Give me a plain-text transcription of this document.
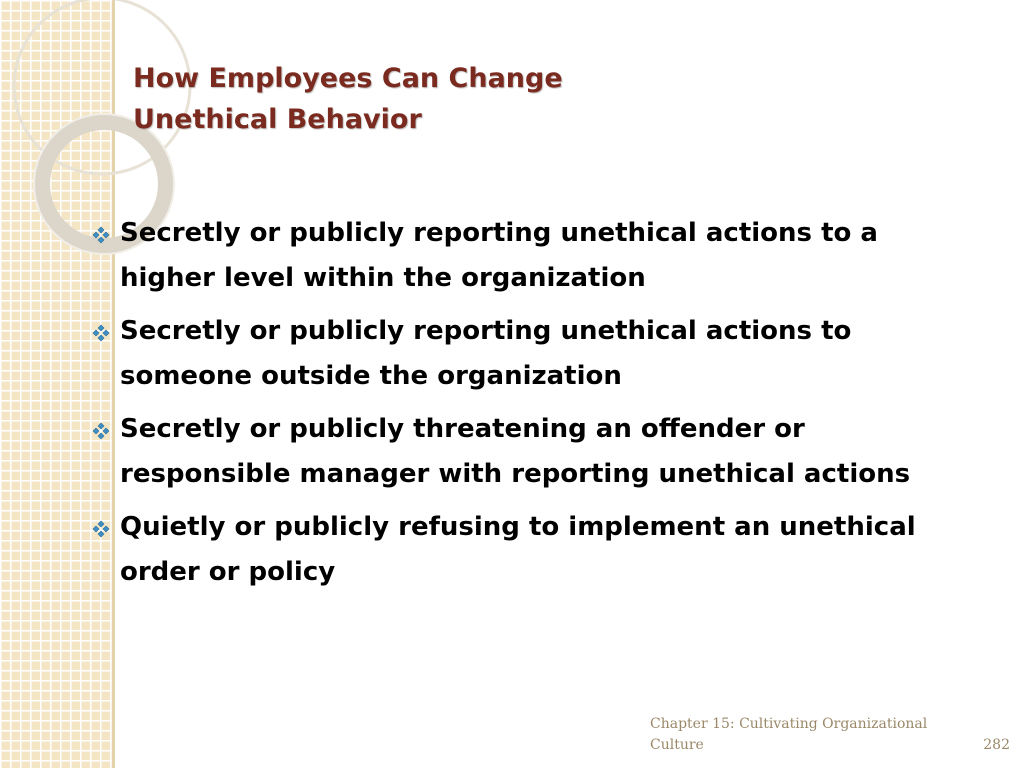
How Employees Can Change
Unethical Behavior
Secretly or publicly reporting unethical actions to a higher level within the organization
Secretly or publicly reporting unethical actions to someone outside the organization
Secretly or publicly threatening an offender or responsible manager with reporting unethical actions
Quietly or publicly refusing to implement an unethical order or policy
Chapter 15: Cultivating Organizational Culture	282
